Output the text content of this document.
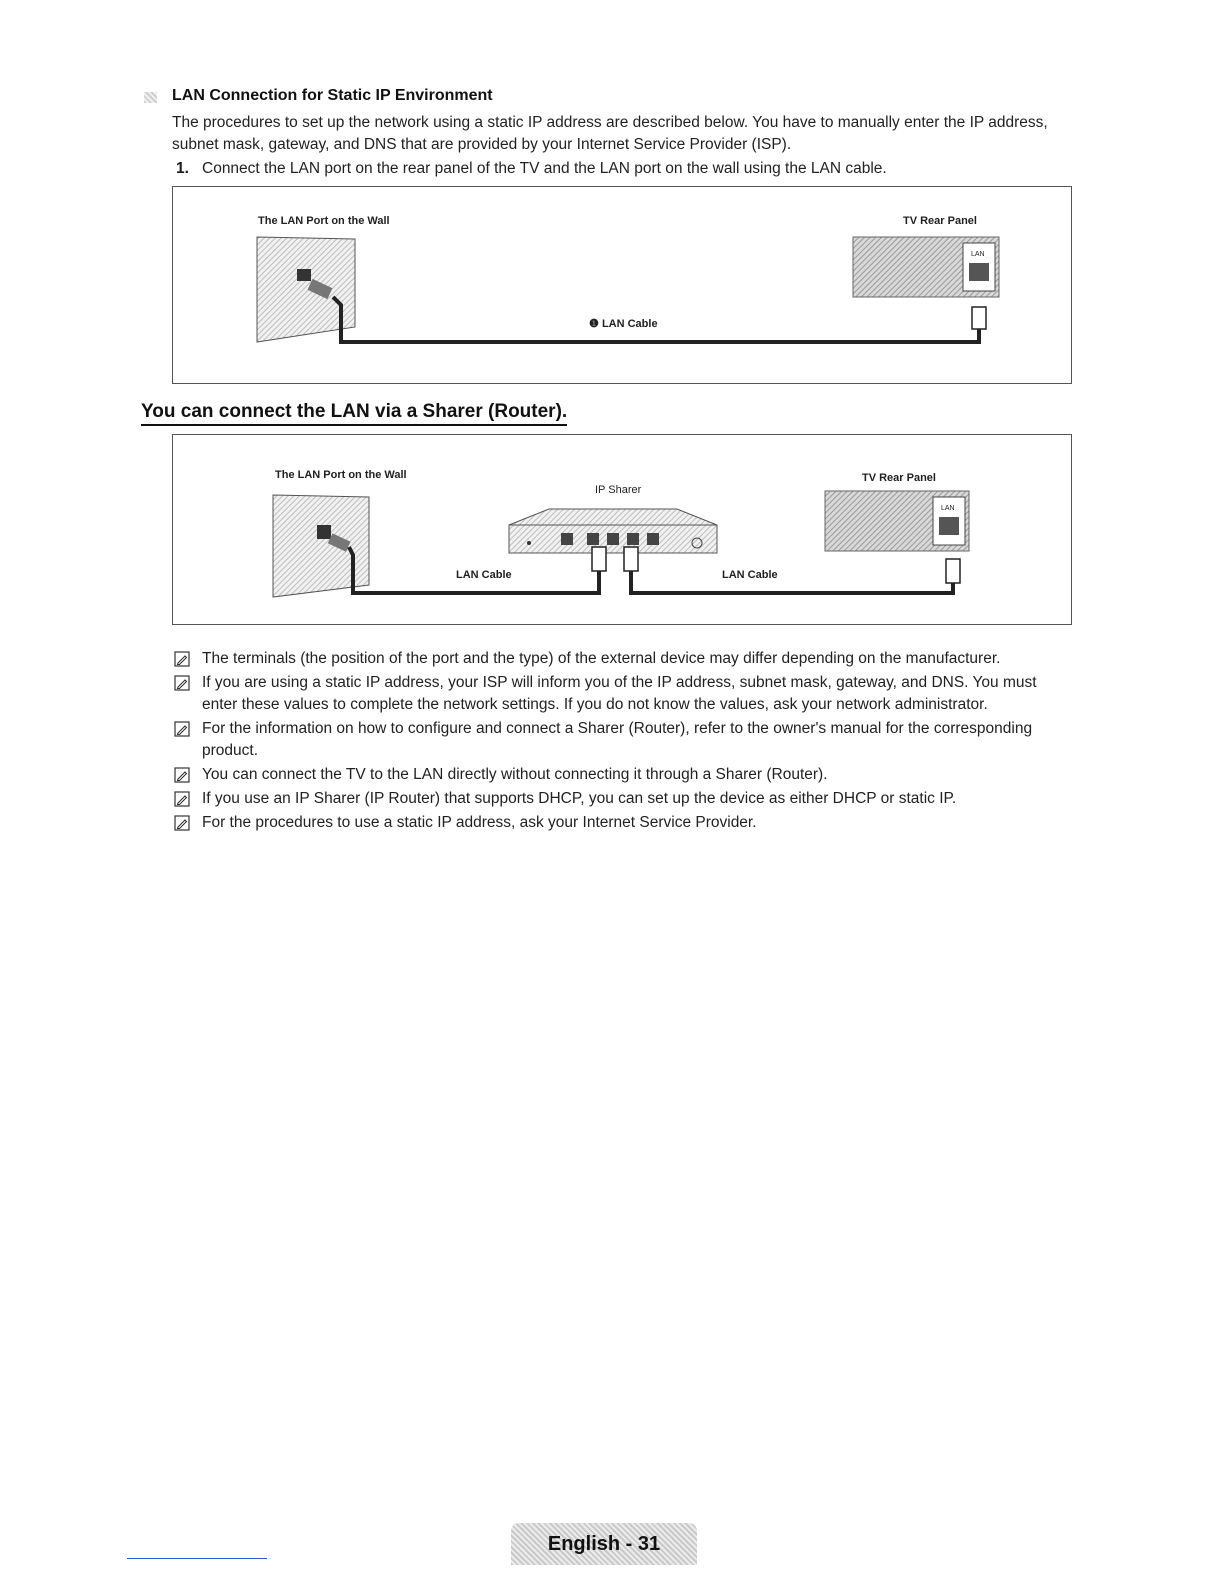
LAN Connection for Static IP Environment
The procedures to set up the network using a static IP address are described below. You have to manually enter the IP address, subnet mask, gateway, and DNS that are provided by your Internet Service Provider (ISP).
1. Connect the LAN port on the rear panel of the TV and the LAN port on the wall using the LAN cable.
The LAN Port on the Wall	TV Rear Panel
LAN
❶ LAN Cable
You can connect the LAN via a Sharer (Router).
The LAN Port on the Wall
IP Sharer
TV Rear Panel
LAN
LAN Cable	LAN Cable
The terminals (the position of the port and the type) of the external device may differ depending on the manufacturer.
If you are using a static IP address, your ISP will inform you of the IP address, subnet mask, gateway, and DNS. You must enter these values to complete the network settings. If you do not know the values, ask your network administrator.
For the information on how to configure and connect a Sharer (Router), refer to the owner's manual for the corresponding product.
You can connect the TV to the LAN directly without connecting it through a Sharer (Router).
If you use an IP Sharer (IP Router) that supports DHCP, you can set up the device as either DHCP or static IP.
For the procedures to use a static IP address, ask your Internet Service Provider.
English - 31
